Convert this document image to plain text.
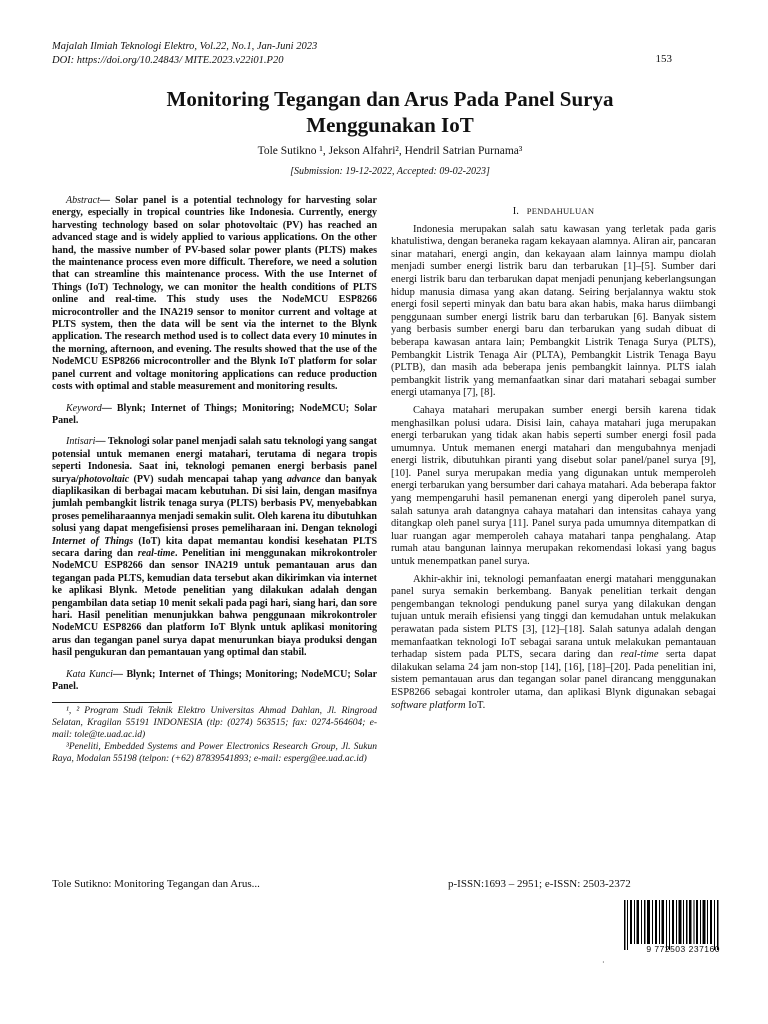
Majalah Ilmiah Teknologi Elektro, Vol.22, No.1, Jan-Juni 2023
DOI: https://doi.org/10.24843/ MITE.2023.v22i01.P20	153
Monitoring Tegangan dan Arus Pada Panel Surya
Menggunakan IoT
Tole Sutikno ¹, Jekson Alfahri², Hendril Satrian Purnama³
[Submission: 19-12-2022, Accepted: 09-02-2023]

Abstract— Solar panel is a potential technology for harvesting solar energy, especially in tropical countries like Indonesia. Currently, energy harvesting technology based on solar photovoltaic (PV) has reached an advanced stage and is widely applied to various applications. On the other hand, the massive number of PV-based solar power plants (PLTS) makes the maintenance process even more difficult. Therefore, we need a solution that can streamline this maintenance process. With the use Internet of Things (IoT) Technology, we can monitor the health conditions of PLTS online and real-time. This study uses the NodeMCU ESP8266 microcontroller and the INA219 sensor to monitor current and voltage at PLTS system, then the data will be sent via the internet to the Blynk application. The research method used is to collect data every 10 minutes in the morning, afternoon, and evening. The results showed that the use of the NodeMCU ESP8266 microcontroller and the Blynk IoT platform for solar panel current and voltage monitoring applications can reduce production costs with optimal and stable measurement and monitoring results.

Keyword— Blynk; Internet of Things; Monitoring; NodeMCU; Solar Panel.

Intisari— Teknologi solar panel menjadi salah satu teknologi yang sangat potensial untuk memanen energi matahari, terutama di negara tropis seperti Indonesia. Saat ini, teknologi pemanen energi berbasis panel surya/photovoltaic (PV) sudah mencapai tahap yang advance dan banyak diaplikasikan di berbagai macam kebutuhan. Di sisi lain, dengan masifnya jumlah pembangkit listrik tenaga surya (PLTS) berbasis PV, menyebabkan proses pemeliharaannya menjadi semakin sulit. Oleh karena itu dibutuhkan solusi yang dapat mengefisiensi proses pemeliharaan ini. Dengan teknologi Internet of Things (IoT) kita dapat memantau kondisi kesehatan PLTS secara daring dan real-time. Penelitian ini menggunakan mikrokontroler NodeMCU ESP8266 dan sensor INA219 untuk pemantauan arus dan tegangan pada PLTS, kemudian data tersebut akan dikirimkan via internet ke aplikasi Blynk. Metode penelitian yang dilakukan adalah dengan pengambilan data setiap 10 menit sekali pada pagi hari, siang hari, dan sore hari. Hasil penelitian menunjukkan bahwa penggunaan mikrokontroler NodeMCU ESP8266 dan platform IoT Blynk untuk aplikasi monitoring arus dan tegangan panel surya dapat menurunkan biaya produksi dengan hasil pengukuran dan pemantauan yang optimal dan stabil.

Kata Kunci— Blynk; Internet of Things; Monitoring; NodeMCU; Solar Panel.

¹, ² Program Studi Teknik Elektro Universitas Ahmad Dahlan, Jl. Ringroad Selatan, Kragilan 55191 INDONESIA (tlp: (0274) 563515; fax: 0274-564604; e-mail: tole@te.uad.ac.id)

³Peneliti, Embedded Systems and Power Electronics Research Group, Jl. Sukun Raya, Modalan 55198 (telpon: (+62) 87839541893; e-mail: esperg@ee.uad.ac.id)

I. PENDAHULUAN

Indonesia merupakan salah satu kawasan yang terletak pada garis khatulistiwa, dengan beraneka ragam kekayaan alamnya. Aliran air, pancaran sinar matahari, energi angin, dan kekayaan alam lainnya mampu diolah menjadi sumber energi listrik baru dan terbarukan [1]–[5]. Sumber dari energi listrik baru dan terbarukan dapat menjadi penunjang keberlangsungan hidup manusia dimasa yang akan datang. Seiring berjalannya waktu stok energi fosil seperti minyak dan batu bara akan habis, maka harus diimbangi penggunaan sumber energi listrik baru dan terbarukan [6]. Banyak sistem yang berbasis sumber energi baru dan terbarukan yang sudah dibuat di beberapa kawasan antara lain; Pembangkit Listrik Tenaga Surya (PLTS), Pembangkit Listrik Tenaga Air (PLTA), Pembangkit Listrik Tenaga Bayu (PLTB), dan masih ada beberapa jenis pembangkit lainnya. PLTS ialah pembangkit listrik yang memanfaatkan sinar dari matahari sebagai sumber energi utamanya [7], [8].

Cahaya matahari merupakan sumber energi bersih karena tidak menghasilkan polusi udara. Disisi lain, cahaya matahari juga merupakan energi terbarukan yang tidak akan habis seperti sumber energi fosil pada umumnya. Untuk memanen energi matahari dan mengubahnya menjadi energi listrik, dibutuhkan piranti yang disebut solar panel/panel surya [9], [10]. Panel surya merupakan media yang digunakan untuk memperoleh energi terbarukan yang bersumber dari cahaya matahari. Ada beberapa faktor yang mempengaruhi hasil pemanenan energi yang diperoleh panel surya, salah satunya arah datangnya cahaya matahari dan intensitas cahaya yang ditangkap oleh panel surya [11]. Panel surya pada umumnya ditempatkan di luar ruangan agar memperoleh cahaya matahari tanpa penghalang. Atap rumah atau bangunan lainnya merupakan rekomendasi lokasi yang bagus untuk menempatkan panel surya.

Akhir-akhir ini, teknologi pemanfaatan energi matahari menggunakan panel surya semakin berkembang. Banyak penelitian terkait dengan pengembangan teknologi pendukung panel surya yang dilakukan dengan tujuan untuk meraih efisiensi yang tinggi dan kemudahan untuk melakukan perawatan pada sistem PLTS [3], [12]–[18]. Salah satunya adalah dengan memanfaatkan teknologi IoT sebagai sarana untuk melakukan pemantauan terhadap sistem pada PLTS, secara daring dan real-time serta dapat dilakukan selama 24 jam non-stop [14], [16], [18]–[20]. Pada penelitian ini, sistem pemantauan arus dan tegangan solar panel dirancang menggunakan ESP8266 sebagai kontroler utama, dan aplikasi Blynk digunakan sebagai software platform IoT.

Tole Sutikno: Monitoring Tegangan dan Arus...	p-ISSN:1693 – 2951; e-ISSN: 2503-2372
9 772503 237160
·
